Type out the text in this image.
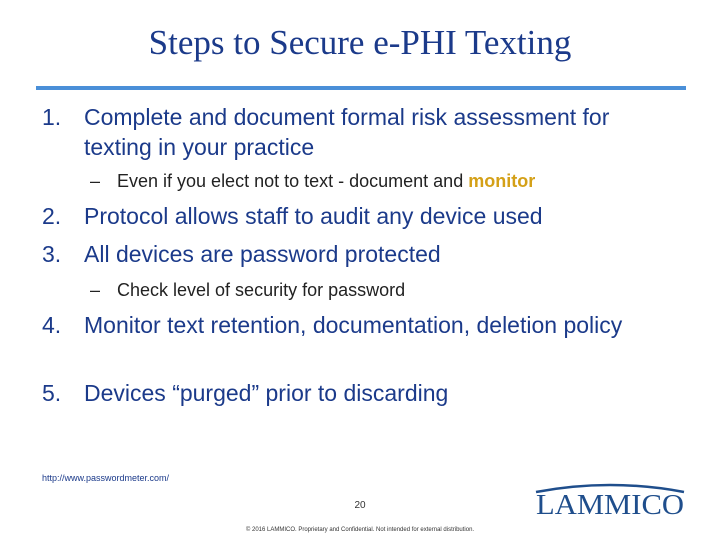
Steps to Secure e-PHI Texting
1. Complete and document formal risk assessment for texting in your practice
– Even if you elect not to text - document and monitor
2. Protocol allows staff to audit any device used
3. All devices are password protected
– Check level of security for password
4. Monitor text retention, documentation, deletion policy
5. Devices “purged” prior to discarding
http://www.passwordmeter.com/
20
© 2016 LAMMICO. Proprietary and Confidential. Not intended for external distribution.
LAMMICO
